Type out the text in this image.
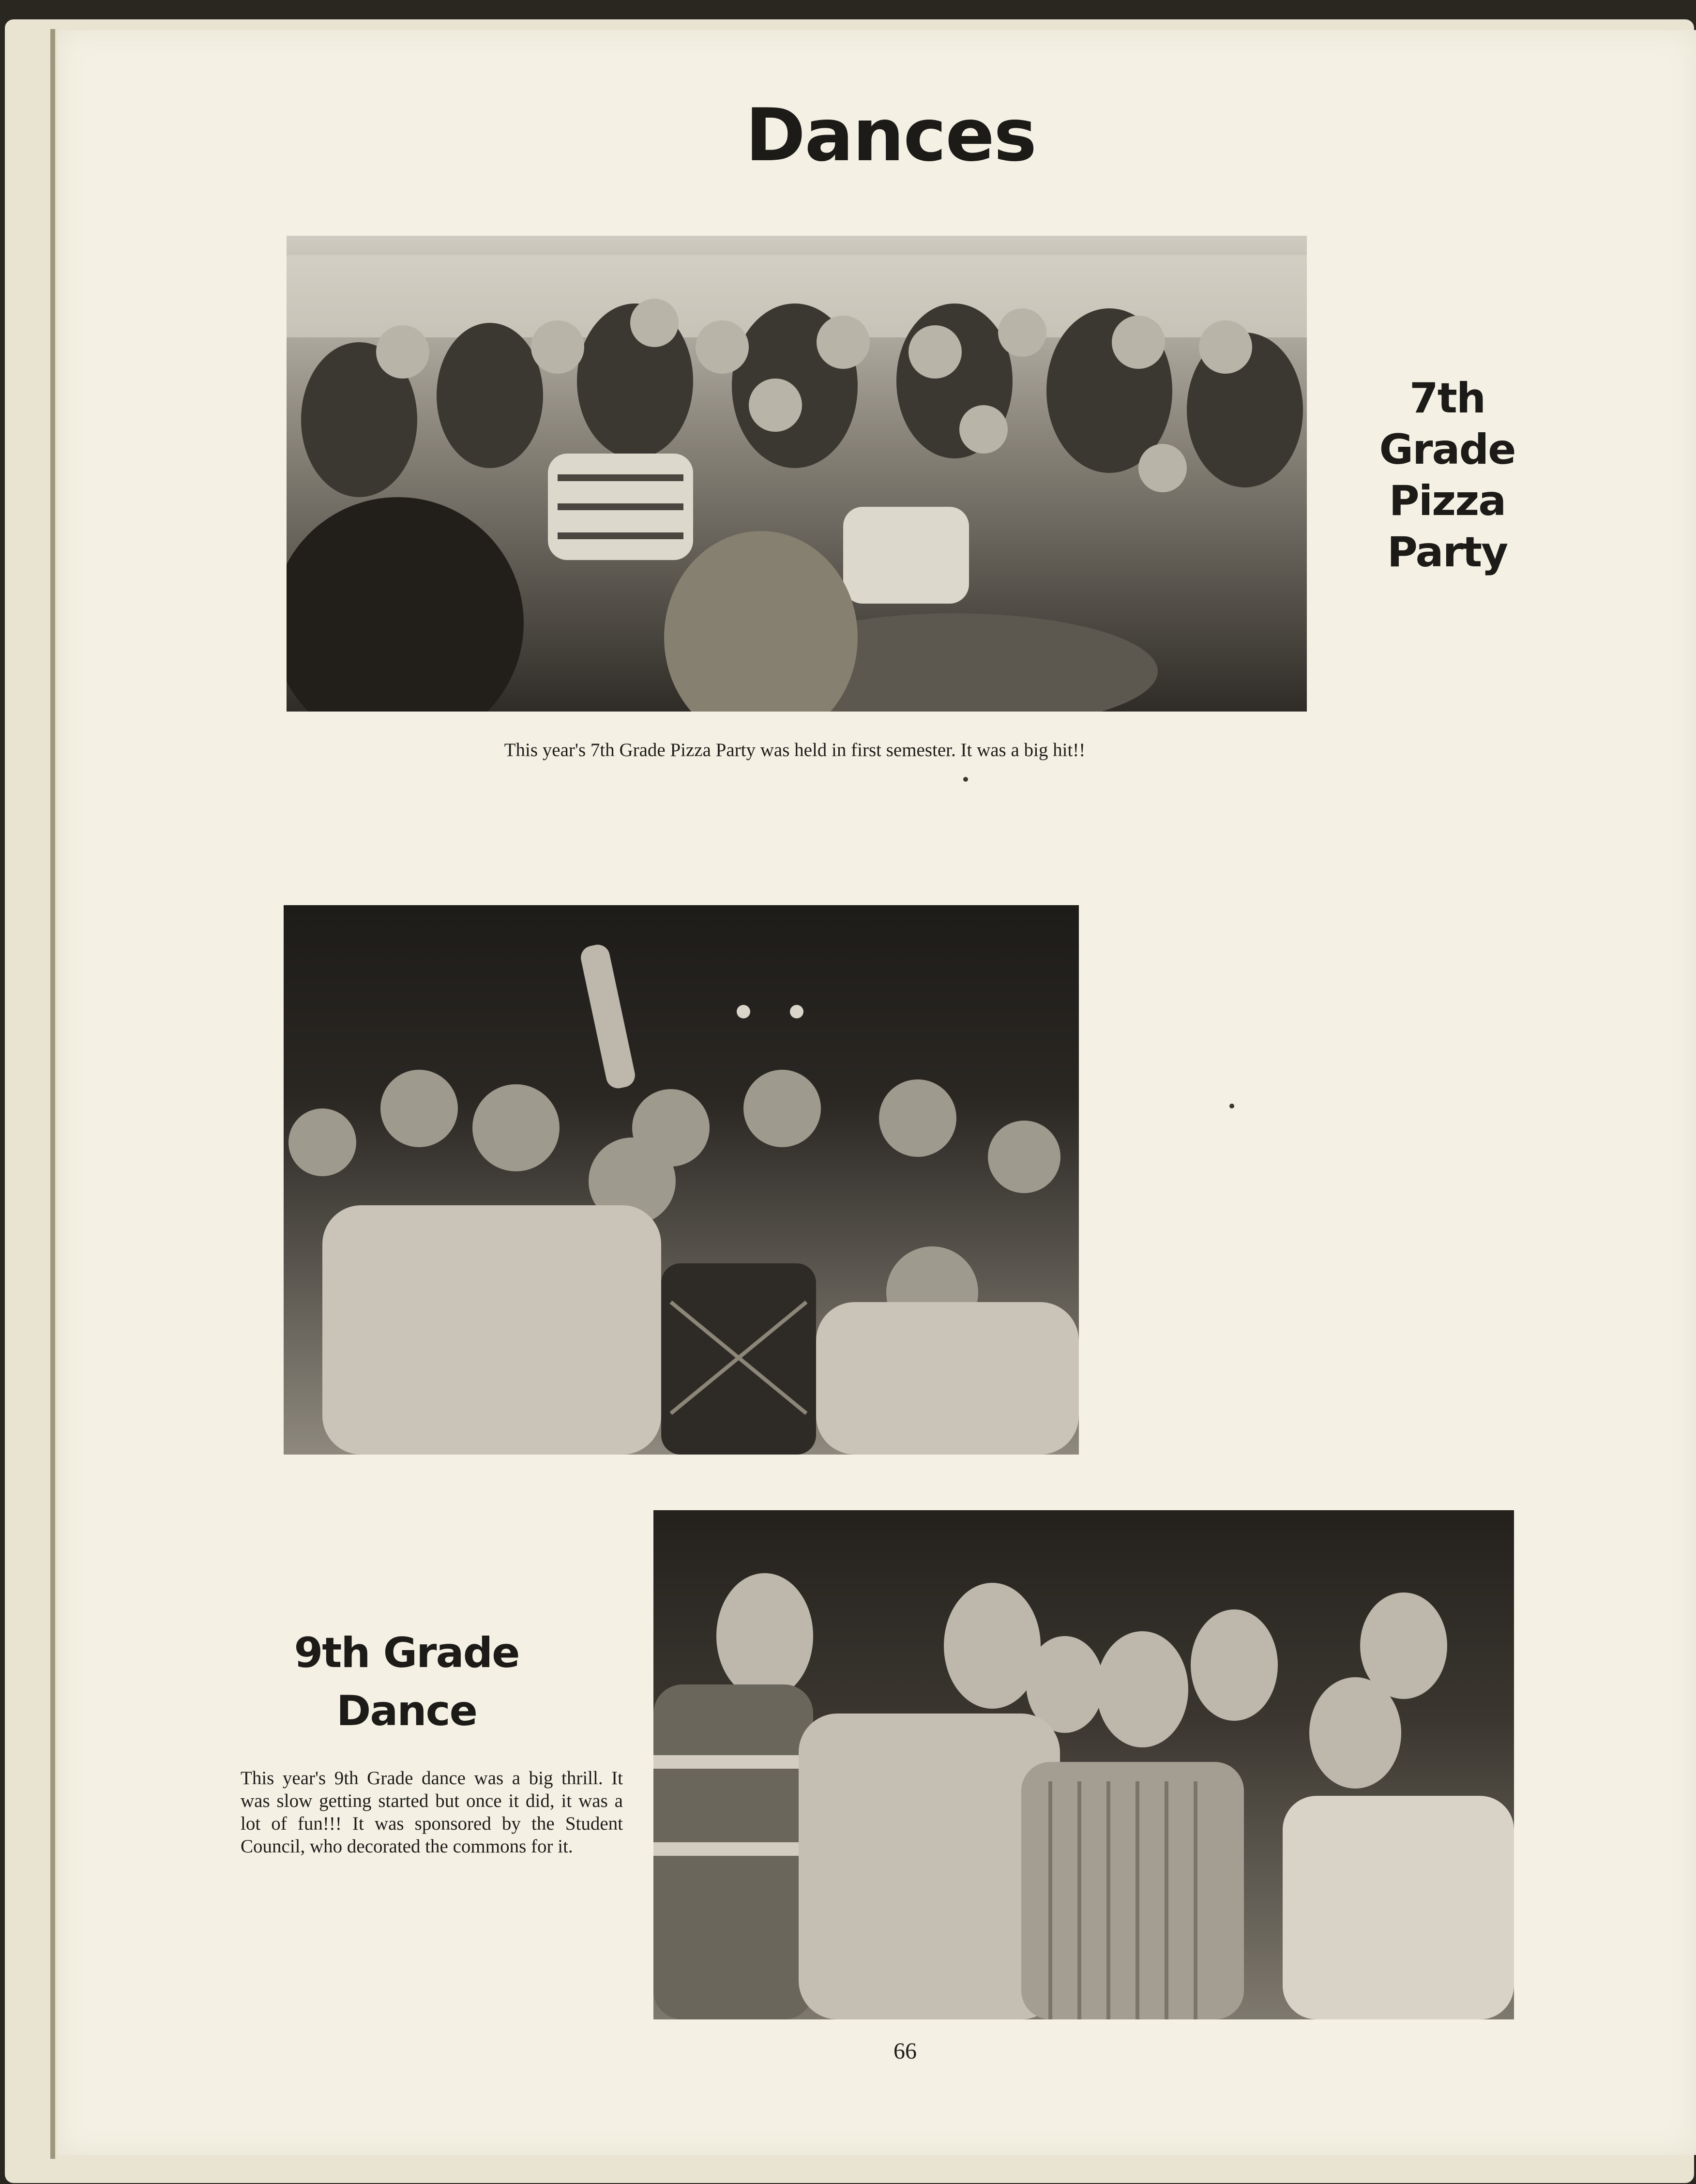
Dances
7th
Grade
Pizza
Party

This year's 7th Grade Pizza Party was held in first semester. It was a big hit!!

9th Grade
Dance

This year's 9th Grade dance was a big thrill. It was slow getting started but once it did, it was a lot of fun!!! It was sponsored by the Student Council, who decorated the commons for it.

66
